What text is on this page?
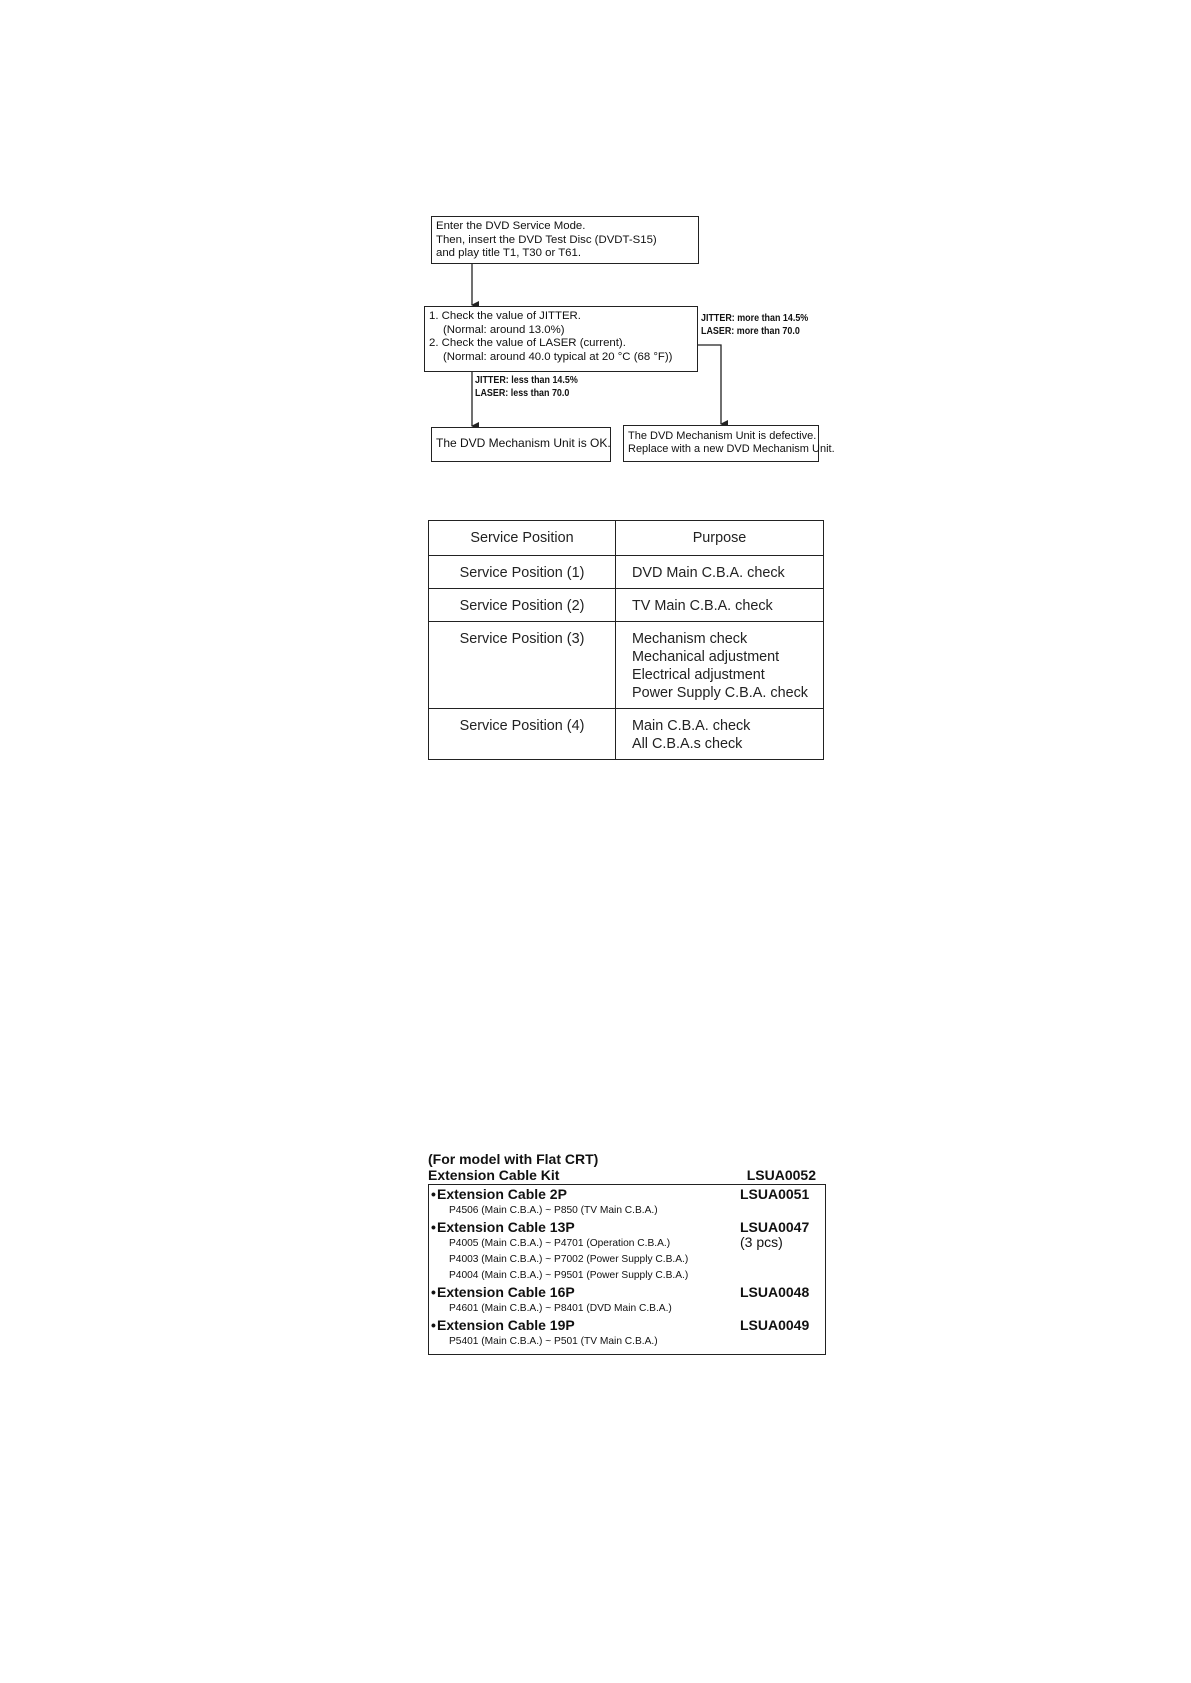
Enter the DVD Service Mode.
Then, insert the DVD Test Disc (DVDT-S15)
and play title T1, T30 or T61.
1. Check the value of JITTER.
(Normal: around 13.0%)
2. Check the value of LASER (current).
(Normal: around 40.0 typical at 20 °C (68 °F))
JITTER: more than 14.5%
LASER: more than 70.0
JITTER: less than 14.5%
LASER: less than 70.0
The DVD Mechanism Unit is OK. The DVD Mechanism Unit is defective.
Replace with a new DVD Mechanism Unit.
Service Position	Purpose
Service Position (1)	DVD Main C.B.A. check

Service Position (2)	TV Main C.B.A. check

Service Position (3)	Mechanism check
Mechanical adjustment
Electrical adjustment
Power Supply C.B.A. check

Service Position (4)	Main C.B.A. check
All C.B.A.s check
(For model with Flat CRT)
Extension Cable Kit	LSUA0052
•Extension Cable 2P	LSUA0051
P4506 (Main C.B.A.) ~ P850 (TV Main C.B.A.)
•Extension Cable 13P	LSUA0047
P4005 (Main C.B.A.) ~ P4701 (Operation C.B.A.)	(3 pcs)
P4003 (Main C.B.A.) ~ P7002 (Power Supply C.B.A.)
P4004 (Main C.B.A.) ~ P9501 (Power Supply C.B.A.)
•Extension Cable 16P	LSUA0048
P4601 (Main C.B.A.) ~ P8401 (DVD Main C.B.A.)
•Extension Cable 19P	LSUA0049
P5401 (Main C.B.A.) ~ P501 (TV Main C.B.A.)
